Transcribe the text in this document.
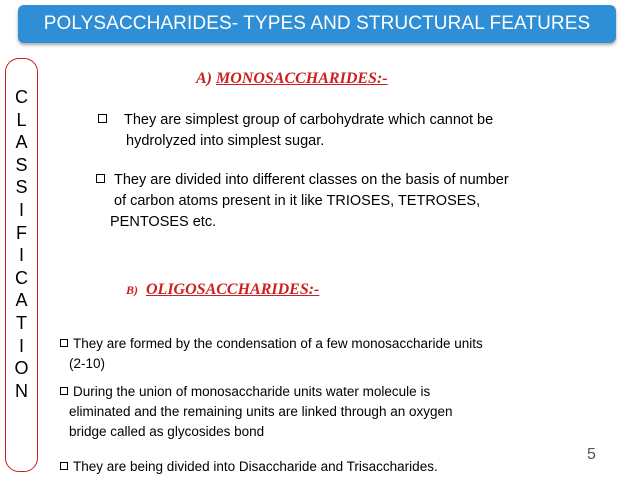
POLYSACCHARIDES- TYPES AND STRUCTURAL FEATURES
C
L
A
S
S
I
F
I
C
A
T
I
O
N
A) MONOSACCHARIDES:-
They are simplest group of carbohydrate which cannot be
hydrolyzed into simplest sugar.
They are divided into different classes on the basis of number
of carbon atoms present in it like TRIOSES, TETROSES,
PENTOSES etc.
B) OLIGOSACCHARIDES:-
They are formed by the condensation of a few monosaccharide units
(2-10)
During the union of monosaccharide units water molecule is
eliminated and the remaining units are linked through an oxygen
bridge called as glycosides bond
They are being divided into Disaccharide and Trisaccharides.
5
